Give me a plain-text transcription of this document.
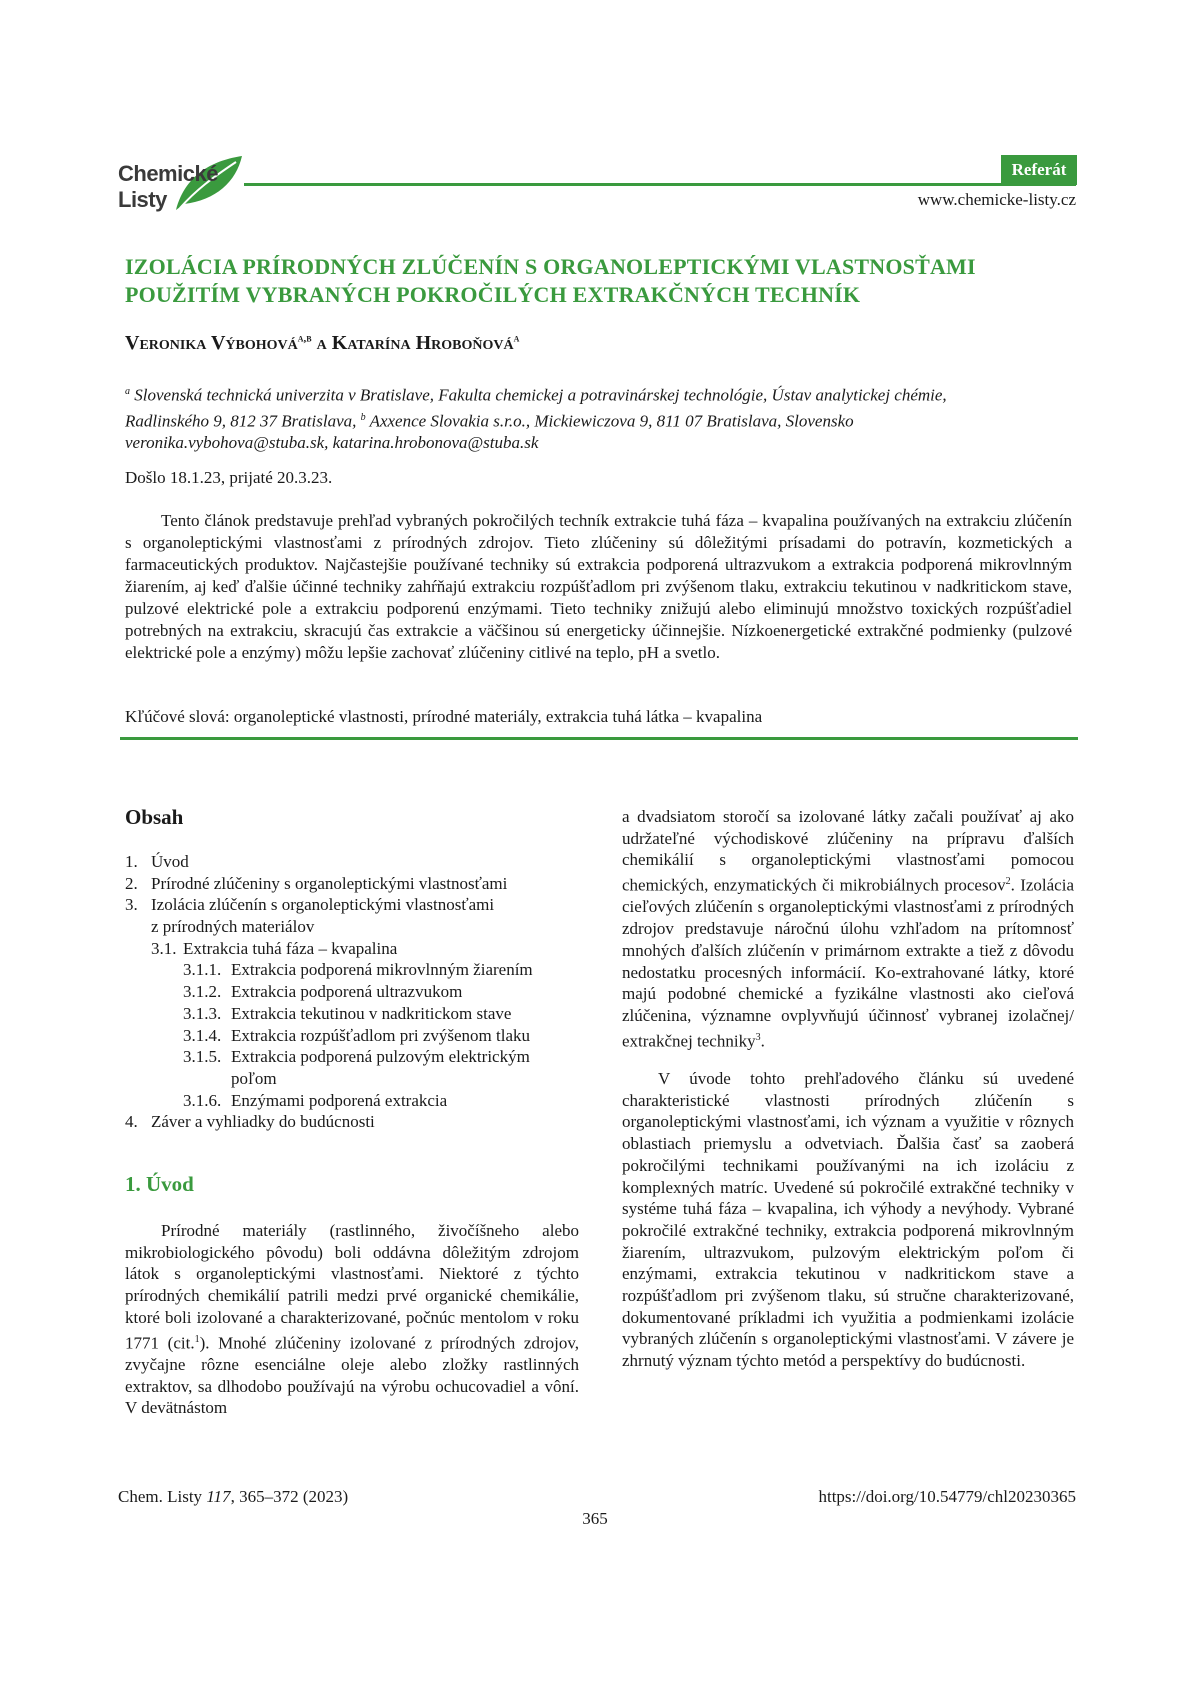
Chemické
Listy
Referát
www.chemicke-listy.cz
IZOLÁCIA PRÍRODNÝCH ZLÚČENÍN S ORGANOLEPTICKÝMI VLASTNOSŤAMI
POUŽITÍM VYBRANÝCH POKROČILÝCH EXTRAKČNÝCH TECHNÍK
Veronika Výbohová$^{a,b}$ a Katarína Hroboňová$^a$
$^a$ Slovenská technická univerzita v Bratislave, Fakulta chemickej a potravinárskej technológie, Ústav analytickej chémie,
Radlinského 9, 812 37 Bratislava, $^b$ Axxence Slovakia s.r.o., Mickiewiczova 9, 811 07 Bratislava, Slovensko
veronika.vybohova@stuba.sk, katarina.hrobonova@stuba.sk
Došlo 18.1.23, prijaté 20.3.23.
Tento článok predstavuje prehľad vybraných pokročilých techník extrakcie tuhá fáza – kvapalina používaných na extrakciu zlúčenín s organoleptickými vlastnosťami z prírodných zdrojov. Tieto zlúčeniny sú dôležitými prísadami do potravín, kozmetických a farmaceutických produktov. Najčastejšie používané techniky sú extrakcia podporená ultrazvukom a extrakcia podporená mikrovlnným žiarením, aj keď ďalšie účinné techniky zahŕňajú extrakciu rozpúšťadlom pri zvýšenom tlaku, extrakciu tekutinou v nadkritickom stave, pulzové elektrické pole a extrakciu podporenú enzýmami. Tieto techniky znižujú alebo eliminujú množstvo toxických rozpúšťadiel potrebných na extrakciu, skracujú čas extrakcie a väčšinou sú energeticky účinnejšie. Nízkoenergetické extrakčné podmienky (pulzové elektrické pole a enzýmy) môžu lepšie zachovať zlúčeniny citlivé na teplo, pH a svetlo.
Kľúčové slová: organoleptické vlastnosti, prírodné materiály, extrakcia tuhá látka – kvapalina
Obsah
1. Úvod
2. Prírodné zlúčeniny s organoleptickými vlastnosťami
3. Izolácia zlúčenín s organoleptickými vlastnosťami
z prírodných materiálov
3.1. Extrakcia tuhá fáza – kvapalina
3.1.1. Extrakcia podporená mikrovlnným žiarením
3.1.2. Extrakcia podporená ultrazvukom
3.1.3. Extrakcia tekutinou v nadkritickom stave
3.1.4. Extrakcia rozpúšťadlom pri zvýšenom tlaku
3.1.5. Extrakcia podporená pulzovým elektrickým
poľom
3.1.6. Enzýmami podporená extrakcia
4. Záver a vyhliadky do budúcnosti
1. Úvod
Prírodné materiály (rastlinného, živočíšneho alebo mikrobiologického pôvodu) boli oddávna dôležitým zdrojom látok s organoleptickými vlastnosťami. Niektoré z týchto prírodných chemikálií patrili medzi prvé organické chemikálie, ktoré boli izolované a charakterizované, počnúc mentolom v roku 1771 (cit.$^1$). Mnohé zlúčeniny izolované z prírodných zdrojov, zvyčajne rôzne esenciálne oleje alebo zložky rastlinných extraktov, sa dlhodobo používajú na výrobu ochucovadiel a vôní. V devätnástom
a dvadsiatom storočí sa izolované látky začali používať aj ako udržateľné východiskové zlúčeniny na prípravu ďalších chemikálií s organoleptickými vlastnosťami pomocou chemických, enzymatických či mikrobiálnych procesov$^2$. Izolácia cieľových zlúčenín s organoleptickými vlastnosťami z prírodných zdrojov predstavuje náročnú úlohu vzhľadom na prítomnosť mnohých ďalších zlúčenín v primárnom extrakte a tiež z dôvodu nedostatku procesných informácií. Ko-extrahované látky, ktoré majú podobné chemické a fyzikálne vlastnosti ako cieľová zlúčenina, významne ovplyvňujú účinnosť vybranej izolačnej/ extrakčnej techniky$^3$.
V úvode tohto prehľadového článku sú uvedené charakteristické vlastnosti prírodných zlúčenín s organoleptickými vlastnosťami, ich význam a využitie v rôznych oblastiach priemyslu a odvetviach. Ďalšia časť sa zaoberá pokročilými technikami používanými na ich izoláciu z komplexných matríc. Uvedené sú pokročilé extrakčné techniky v systéme tuhá fáza – kvapalina, ich výhody a nevýhody. Vybrané pokročilé extrakčné techniky, extrakcia podporená mikrovlnným žiarením, ultrazvukom, pulzovým elektrickým poľom či enzýmami, extrakcia tekutinou v nadkritickom stave a rozpúšťadlom pri zvýšenom tlaku, sú stručne charakterizované, dokumentované príkladmi ich využitia a podmienkami izolácie vybraných zlúčenín s organoleptickými vlastnosťami. V závere je zhrnutý význam týchto metód a perspektívy do budúcnosti.
Chem. Listy 117, 365–372 (2023)	https://doi.org/10.54779/chl20230365
365
